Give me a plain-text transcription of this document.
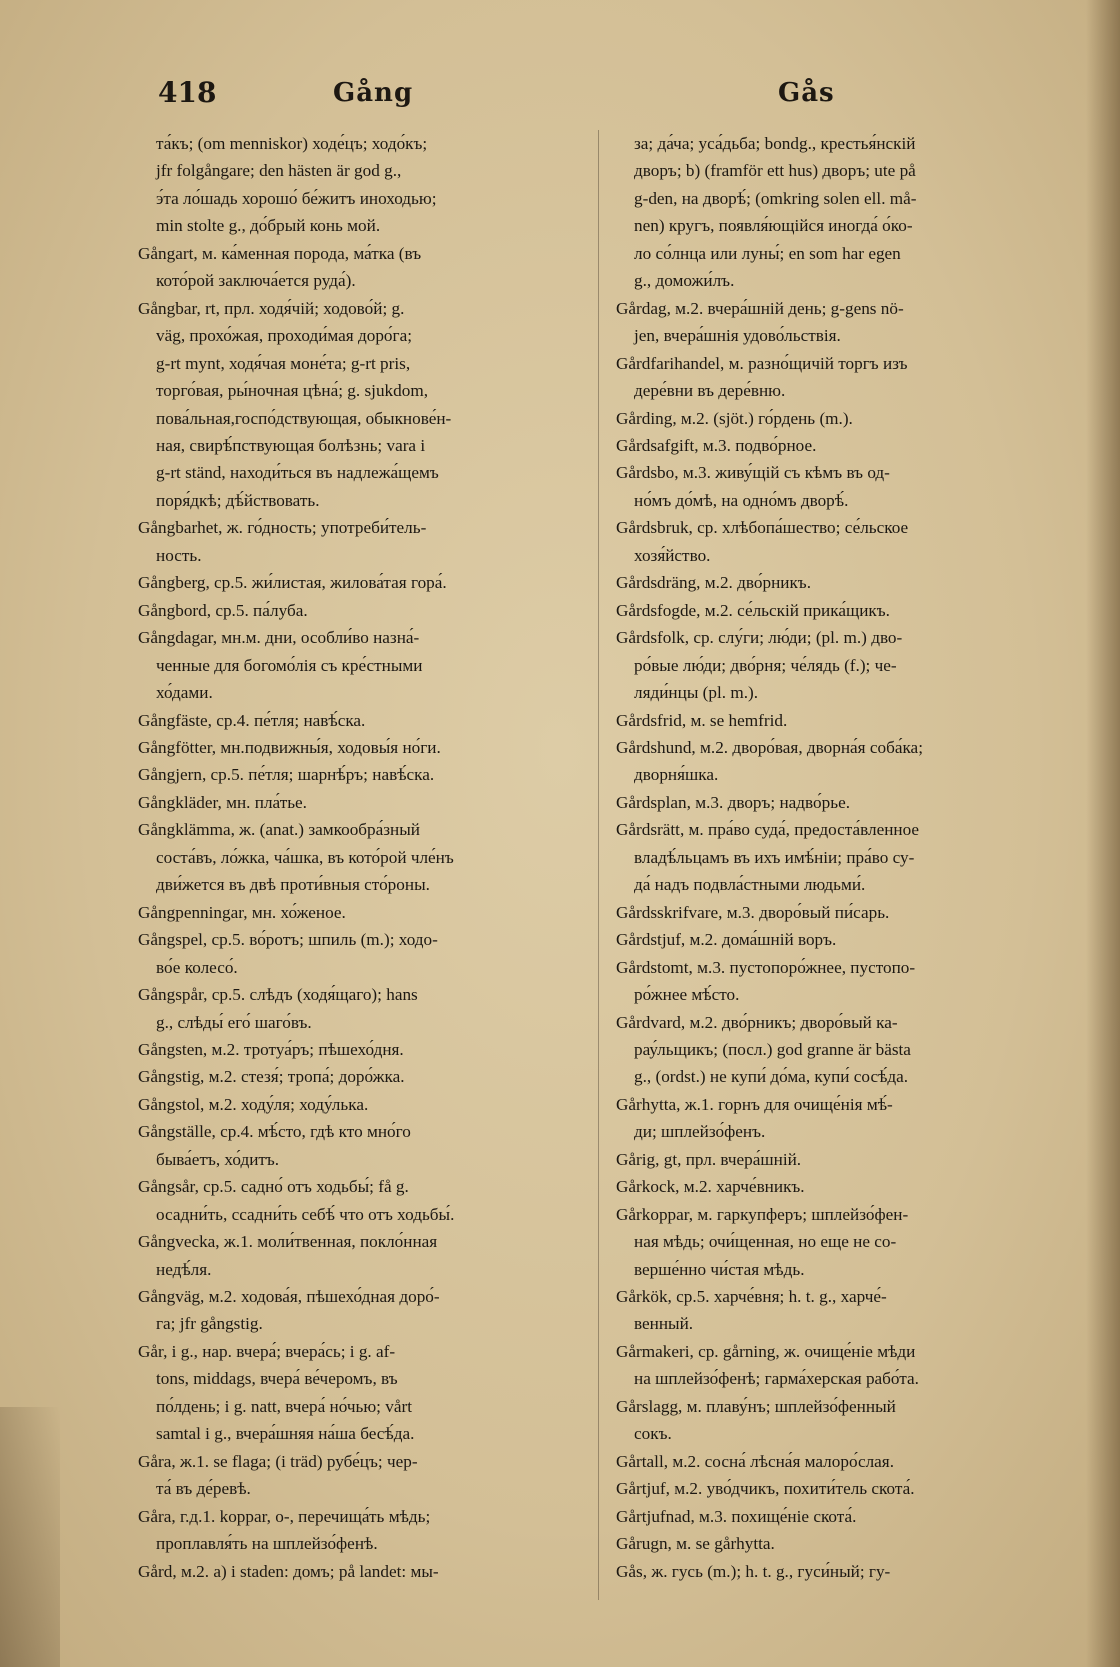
418	Gång	Gås
та́къ; (om menniskor) ходе́цъ; ходо́къ;
jfr folgångare; den hästen är god g.,
э́та ло́шадь хорошо́ бе́житъ иноходью;
min stolte g., до́брый конь мой.
Gångart, м. ка́менная порода, ма́тка (въ
кото́рой заключа́ется руда́).
Gångbar, rt, прл. ходя́чій; ходово́й; g.
väg, прохо́жая, проходи́мая доро́га;
g-rt mynt, ходя́чая моне́та; g-rt pris,
торго́вая, ры́ночная цѣна́; g. sjukdom,
пова́льная,госпо́дствующая, обыкнове́н-
ная, свирѣ́пствующая болѣзнь; vara i
g-rt ständ, находи́ться въ надлежа́щемъ
поря́дкѣ; дѣ́йствовать.
Gångbarhet, ж. го́дность; употреби́тель-
ность.
Gångberg, ср.5. жи́листая, жилова́тая гора́.
Gångbord, ср.5. па́луба.
Gångdagar, мн.м. дни, особли́во назна́-
ченные для богомо́лія съ кре́стными
хо́дами.
Gångfäste, ср.4. пе́тля; навѣ́ска.
Gångfötter, мн.подвижны́я, ходовы́я но́ги.
Gångjern, ср.5. пе́тля; шарнѣ́ръ; навѣ́ска.
Gångkläder, мн. пла́тье.
Gångklämma, ж. (anat.) замкообра́зный
соста́въ, ло́жка, ча́шка, въ кото́рой чле́нъ
дви́жется въ двѣ проти́вныя сто́роны.
Gångpenningar, мн. хо́женое.
Gångspel, ср.5. во́ротъ; шпиль (m.); ходо-
во́е колесо́.
Gångspår, ср.5. слѣдъ (ходя́щаго); hans
g., слѣды́ его́ шаго́въ.
Gångsten, м.2. тротуа́ръ; пѣшехо́дня.
Gångstig, м.2. стезя́; тропа́; доро́жка.
Gångstol, м.2. ходу́ля; ходу́лька.
Gångställe, ср.4. мѣ́сто, гдѣ кто мно́го
быва́етъ, хо́дитъ.
Gångsår, ср.5. садно́ отъ ходьбы́; få g.
осадни́ть, ссадни́ть себѣ́ что отъ ходьбы́.
Gångvecka, ж.1. моли́твенная, покло́нная
недѣ́ля.
Gångväg, м.2. ходова́я, пѣшехо́дная доро́-
га; jfr gångstig.
Går, i g., нар. вчера́; вчера́сь; i g. af-
tons, middags, вчера́ ве́черомъ, въ
по́лдень; i g. natt, вчера́ но́чью; vårt
samtal i g., вчера́шняя на́ша бесѣ́да.
Gåra, ж.1. se flaga; (i träd) рубе́цъ; чер-
та́ въ де́ревѣ.
Gåra, г.д.1. koppar, о-, перечища́ть мѣдь;
проплавля́ть на шплейзо́фенѣ.
Gård, м.2. a) i staden: домъ; på landet: мы-
за; да́ча; уса́дьба; bondg., крестья́нскій
дворъ; b) (framför ett hus) дворъ; ute på
g-den, на дворѣ́; (omkring solen ell. må-
nen) кругъ, появля́ющійся иногда́ о́ко-
ло со́лнца или луны́; en som har egen
g., доможи́лъ.
Gårdag, м.2. вчера́шній день; g-gens nö-
jen, вчера́шнія удово́льствія.
Gårdfarihandel, м. разно́щичій торгъ изъ
дере́вни въ дере́вню.
Gårding, м.2. (sjöt.) го́рдень (m.).
Gårdsafgift, м.3. подво́рное.
Gårdsbo, м.3. живу́щій съ кѣмъ въ од-
но́мъ до́мѣ, на одно́мъ дворѣ́.
Gårdsbruk, ср. хлѣбопа́шество; се́льское
хозя́йство.
Gårdsdräng, м.2. дво́рникъ.
Gårdsfogde, м.2. се́льскій прика́щикъ.
Gårdsfolk, ср. слу́ги; лю́ди; (pl. m.) дво-
ро́вые лю́ди; дво́рня; че́лядь (f.); че-
ляди́нцы (pl. m.).
Gårdsfrid, м. se hemfrid.
Gårdshund, м.2. дворо́вая, дворна́я соба́ка;
дворня́шка.
Gårdsplan, м.3. дворъ; надво́рье.
Gårdsrätt, м. пра́во суда́, предоста́вленное
владѣ́льцамъ въ ихъ имѣ́ніи; пра́во су-
да́ надъ подвла́стными людьми́.
Gårdsskrifvare, м.3. дворо́вый пи́сарь.
Gårdstjuf, м.2. дома́шній воръ.
Gårdstomt, м.3. пустопоро́жнее, пустопо-
ро́жнее мѣ́сто.
Gårdvard, м.2. дво́рникъ; дворо́вый ка-
рау́льщикъ; (посл.) god granne är bästa
g., (ordst.) не купи́ до́ма, купи́ сосѣ́да.
Gårhytta, ж.1. горнъ для очище́нія мѣ́-
ди; шплейзо́фенъ.
Gårig, gt, прл. вчера́шній.
Gårkock, м.2. харче́вникъ.
Gårkoppar, м. гаркупферъ; шплейзо́фен-
ная мѣдь; очи́щенная, но еще не со-
верше́нно чи́стая мѣдь.
Gårkök, ср.5. харче́вня; h. t. g., харче́-
венный.
Gårmakeri, ср. gårning, ж. очище́ніе мѣди
на шплейзо́фенѣ; гарма́херская рабо́та.
Gårslagg, м. плаву́нъ; шплейзо́фенный
сокъ.
Gårtall, м.2. сосна́ лѣсна́я малоро́слая.
Gårtjuf, м.2. уво́дчикъ, похити́тель скота́.
Gårtjufnad, м.3. похище́ніе скота́.
Gårugn, м. se gårhytta.
Gås, ж. гусь (m.); h. t. g., гуси́ный; гу-
